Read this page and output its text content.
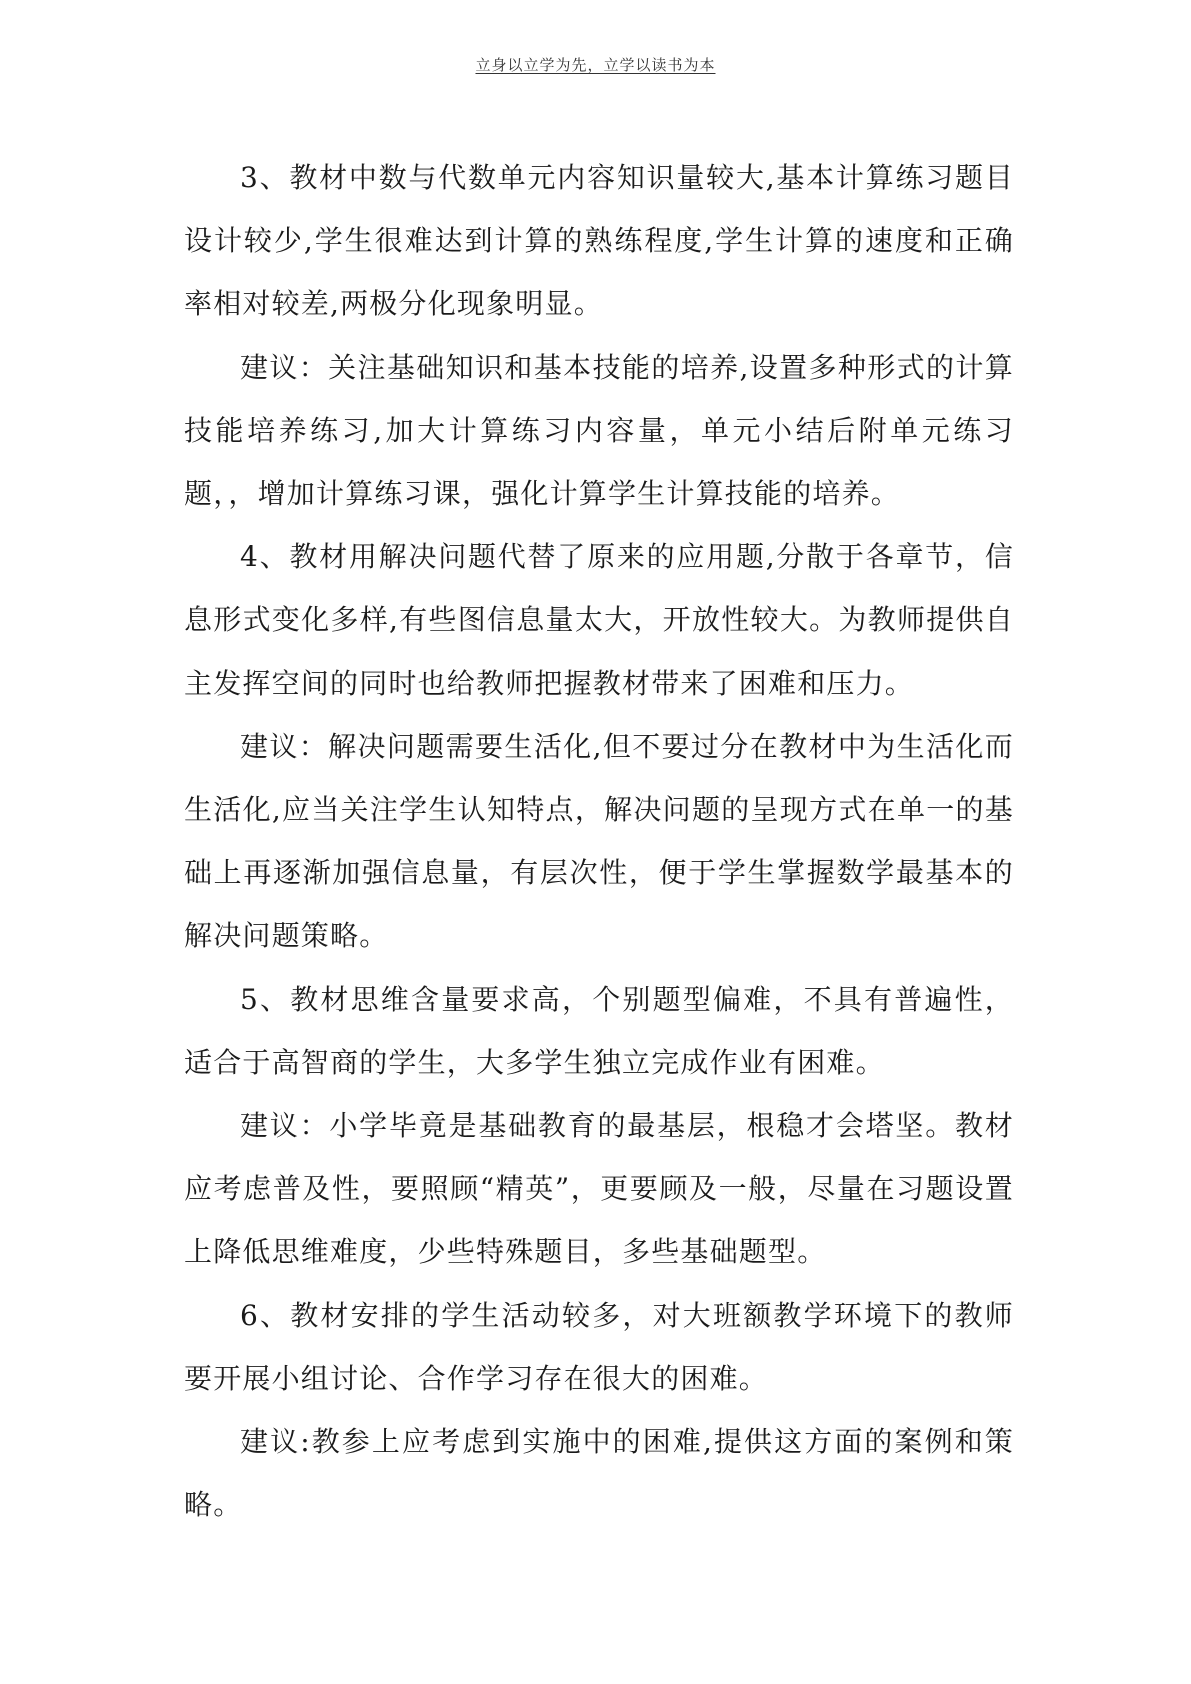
立身以立学为先，立学以读书为本

3、教材中数与代数单元内容知识量较大,基本计算练习题目设计较少,学生很难达到计算的熟练程度,学生计算的速度和正确率相对较差,两极分化现象明显。

建议：关注基础知识和基本技能的培养,设置多种形式的计算技能培养练习,加大计算练习内容量，单元小结后附单元练习题，，增加计算练习课，强化计算学生计算技能的培养。

4、教材用解决问题代替了原来的应用题,分散于各章节，信息形式变化多样,有些图信息量太大，开放性较大。为教师提供自主发挥空间的同时也给教师把握教材带来了困难和压力。

建议：解决问题需要生活化,但不要过分在教材中为生活化而生活化,应当关注学生认知特点，解决问题的呈现方式在单一的基础上再逐渐加强信息量，有层次性，便于学生掌握数学最基本的解决问题策略。

5、教材思维含量要求高，个别题型偏难，不具有普遍性，适合于高智商的学生，大多学生独立完成作业有困难。

建议：小学毕竟是基础教育的最基层，根稳才会塔坚。教材应考虑普及性，要照顾“精英”，更要顾及一般，尽量在习题设置上降低思维难度，少些特殊题目，多些基础题型。

6、教材安排的学生活动较多，对大班额教学环境下的教师要开展小组讨论、合作学习存在很大的困难。

建议:教参上应考虑到实施中的困难,提供这方面的案例和策略。
